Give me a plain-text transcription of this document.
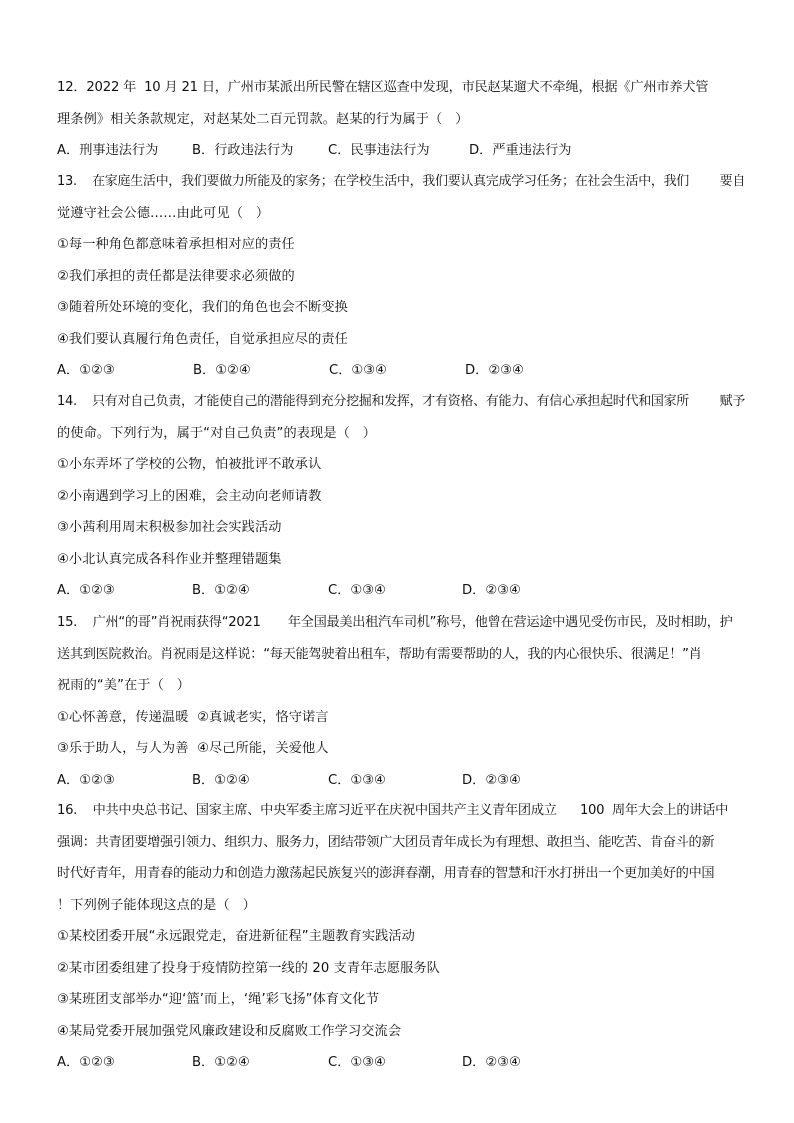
12．2022 年  10 月 21 日，广州市某派出所民警在辖区巡查中发现，市民赵某遛犬不牵绳，根据《广州市养犬管
理条例》相关条款规定，对赵某处二百元罚款。赵某的行为属于（   ）
A．刑事违法行为	B．行政违法行为	C．民事违法行为	D．严重违法行为
13.    在家庭生活中，我们要做力所能及的家务；在学校生活中，我们要认真完成学习任务；在社会生活中，我们        要自
觉遵守社会公德……由此可见（   ）
①每一种角色都意味着承担相对应的责任
②我们承担的责任都是法律要求必须做的
③随着所处环境的变化，我们的角色也会不断变换
④我们要认真履行角色责任，自觉承担应尽的责任
A．①②③	B．①②④	C．①③④	D．②③④
14.    只有对自己负责，才能使自己的潜能得到充分挖掘和发挥，才有资格、有能力、有信心承担起时代和国家所        赋予
的使命。下列行为，属于“对自己负责”的表现是（   ）
①小东弄坏了学校的公物，怕被批评不敢承认
②小南遇到学习上的困难，会主动向老师请教
③小茜利用周末积极参加社会实践活动
④小北认真完成各科作业并整理错题集
A．①②③	B．①②④	C．①③④	D．②③④
15.    广州“的哥”肖祝雨获得“2021       年全国最美出租汽车司机”称号，他曾在营运途中遇见受伤市民，及时相助，护
送其到医院救治。肖祝雨是这样说：“每天能驾驶着出租车，帮助有需要帮助的人，我的内心很快乐、很满足！”肖
祝雨的“美”在于（   ）
①心怀善意，传递温暖  ②真诚老实，恪守诺言
③乐于助人，与人为善  ④尽己所能，关爱他人
A．①②③	B．①②④	C．①③④	D．②③④
16.    中共中央总书记、国家主席、中央军委主席习近平在庆祝中国共产主义青年团成立      100  周年大会上的讲话中
强调：共青团要增强引领力、组织力、服务力，团结带领广大团员青年成长为有理想、敢担当、能吃苦、肯奋斗的新
时代好青年，用青春的能动力和创造力激荡起民族复兴的澎湃春潮，用青春的智慧和汗水打拼出一个更加美好的中国
！下列例子能体现这点的是（   ）
①某校团委开展“永远跟党走，奋进新征程”主题教育实践活动
②某市团委组建了投身于疫情防控第一线的 20 支青年志愿服务队
③某班团支部举办“迎‘篮’而上，‘绳’彩飞扬”体育文化节
④某局党委开展加强党风廉政建设和反腐败工作学习交流会
A．①②③	B．①②④	C．①③④	D．②③④
